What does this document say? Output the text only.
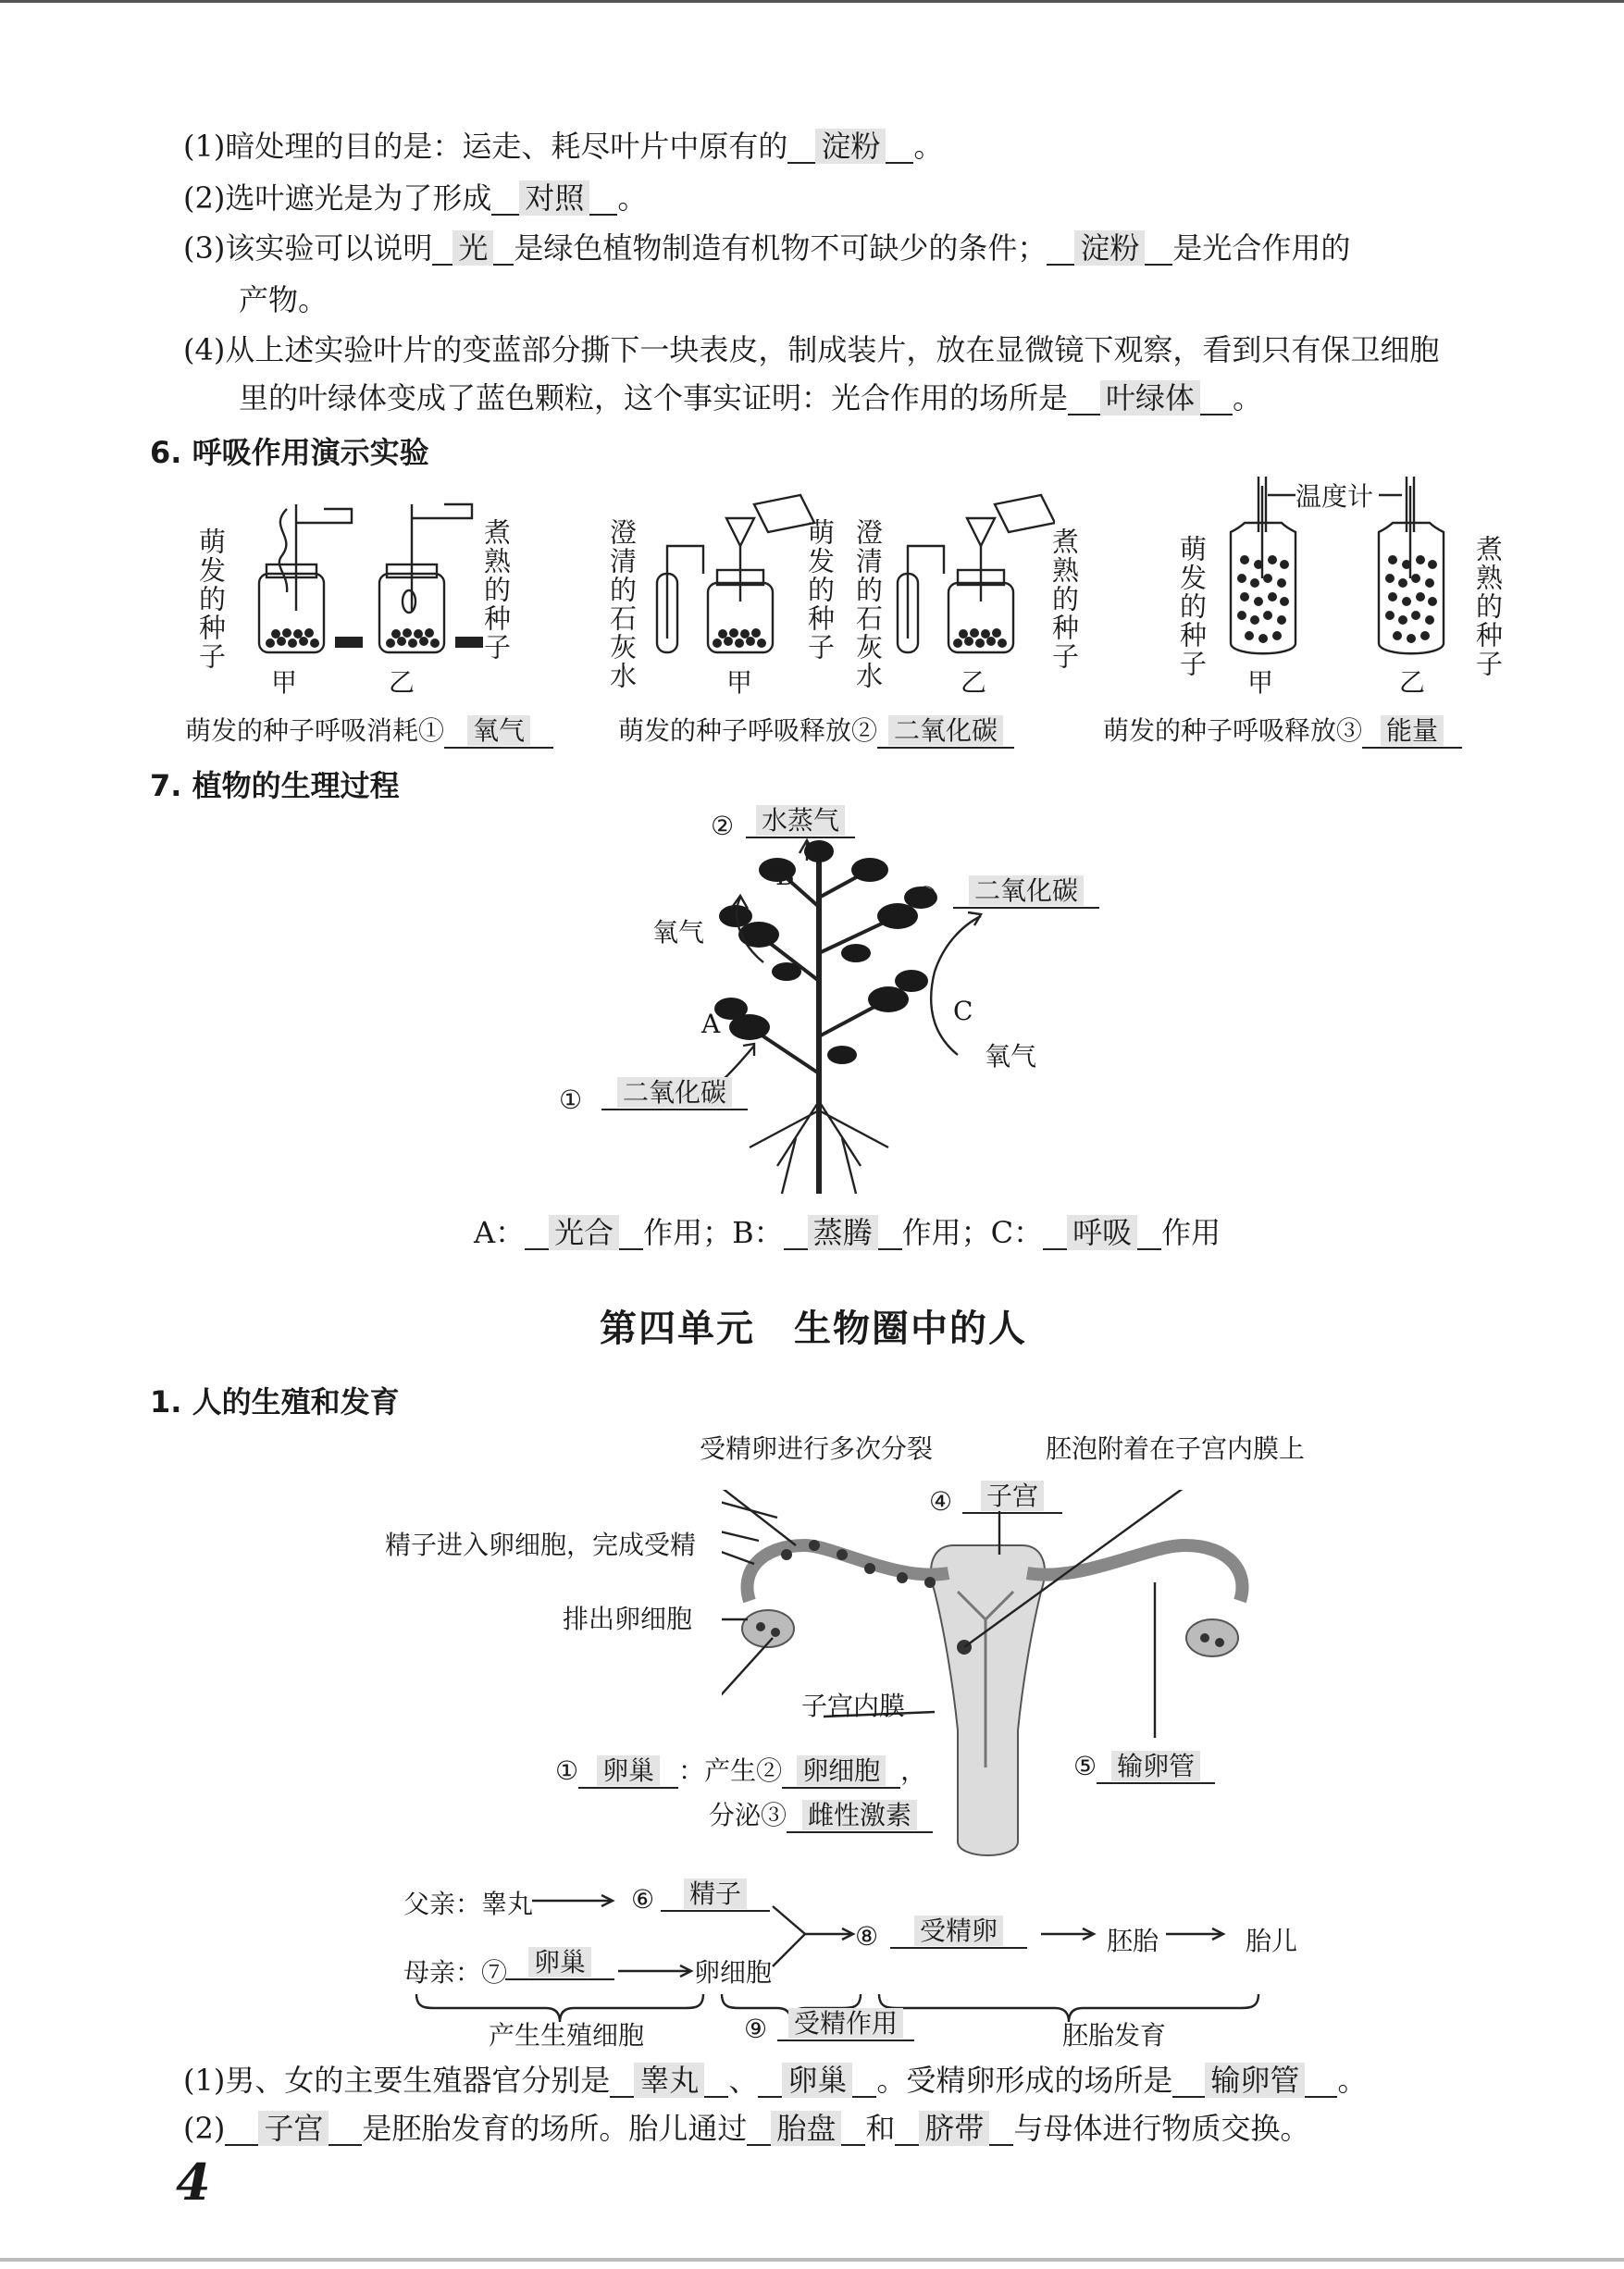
(1)暗处理的目的是：运走、耗尽叶片中原有的 淀粉 。
(2)选叶遮光是为了形成 对照 。
(3)该实验可以说明 光 是绿色植物制造有机物不可缺少的条件； 淀粉 是光合作用的
产物。
(4)从上述实验叶片的变蓝部分撕下一块表皮，制成装片，放在显微镜下观察，看到只有保卫细胞
里的叶绿体变成了蓝色颗粒，这个事实证明：光合作用的场所是 叶绿体 。
6. 呼吸作用演示实验
萌发的种子	煮熟的种子
甲	乙
萌发的种子呼吸消耗① 氧气
澄清的石灰水	萌发的种子 澄清的石灰水	煮熟的种子
甲	乙
萌发的种子呼吸释放② 二氧化碳
温度计
萌发的种子	煮熟的种子
甲	乙
萌发的种子呼吸释放③ 能量
7. 植物的生理过程
②	水蒸气
B
③	二氧化碳
氧气
C
氧气
A
①	二氧化碳
A： 光合 作用；B： 蒸腾 作用；C： 呼吸 作用
第四单元　生物圈中的人
1. 人的生殖和发育
受精卵进行多次分裂	胚泡附着在子宫内膜上
④	子宫
精子进入卵细胞，完成受精
排出卵细胞
子宫内膜
① 卵巢 ：产生② 卵细胞 ，
分泌③ 雌性激素
⑤ 输卵管
父亲：睾丸	⑥	精子
母亲：⑦	卵巢	卵细胞
⑧	受精卵	胚胎	胎儿
产生生殖细胞	⑨	受精作用	胚胎发育
(1)男、女的主要生殖器官分别是 睾丸 、 卵巢 。受精卵形成的场所是 输卵管 。
(2) 子宫 是胚胎发育的场所。胎儿通过 胎盘 和 脐带 与母体进行物质交换。
4
